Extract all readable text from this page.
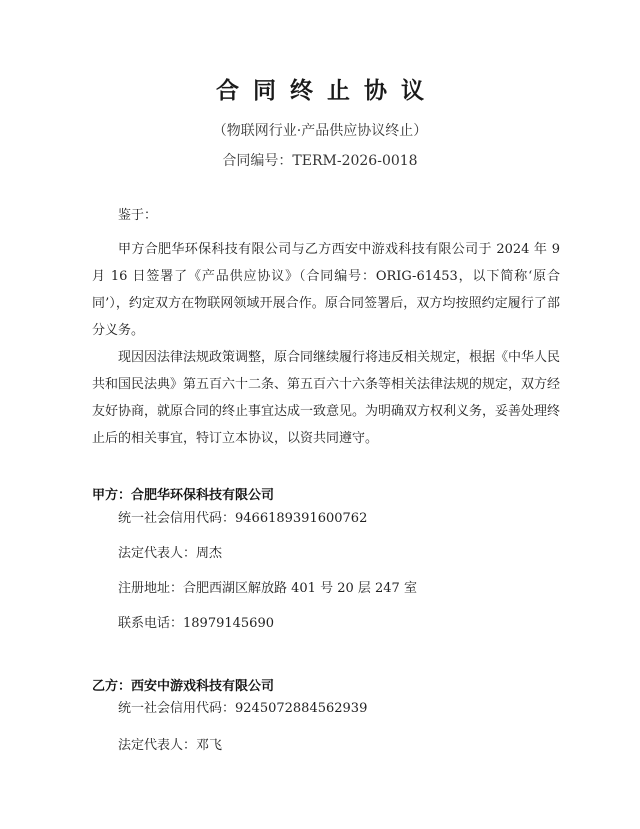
合同终止协议
（物联网行业·产品供应协议终止）
合同编号：TERM-2026-0018

鉴于：

甲方合肥华环保科技有限公司与乙方西安中游戏科技有限公司于 2024 年 9 月 16 日签署了《产品供应协议》（合同编号：ORIG-61453，以下简称‘原合同’），约定双方在物联网领域开展合作。原合同签署后，双方均按照约定履行了部分义务。

现因因法律法规政策调整，原合同继续履行将违反相关规定，根据《中华人民共和国民法典》第五百六十二条、第五百六十六条等相关法律法规的规定，双方经友好协商，就原合同的终止事宜达成一致意见。为明确双方权利义务，妥善处理终止后的相关事宜，特订立本协议，以资共同遵守。

甲方：合肥华环保科技有限公司
统一社会信用代码：9466189391600762
法定代表人：周杰
注册地址：合肥西湖区解放路 401 号 20 层 247 室
联系电话：18979145690
乙方：西安中游戏科技有限公司
统一社会信用代码：9245072884562939
法定代表人：邓飞
